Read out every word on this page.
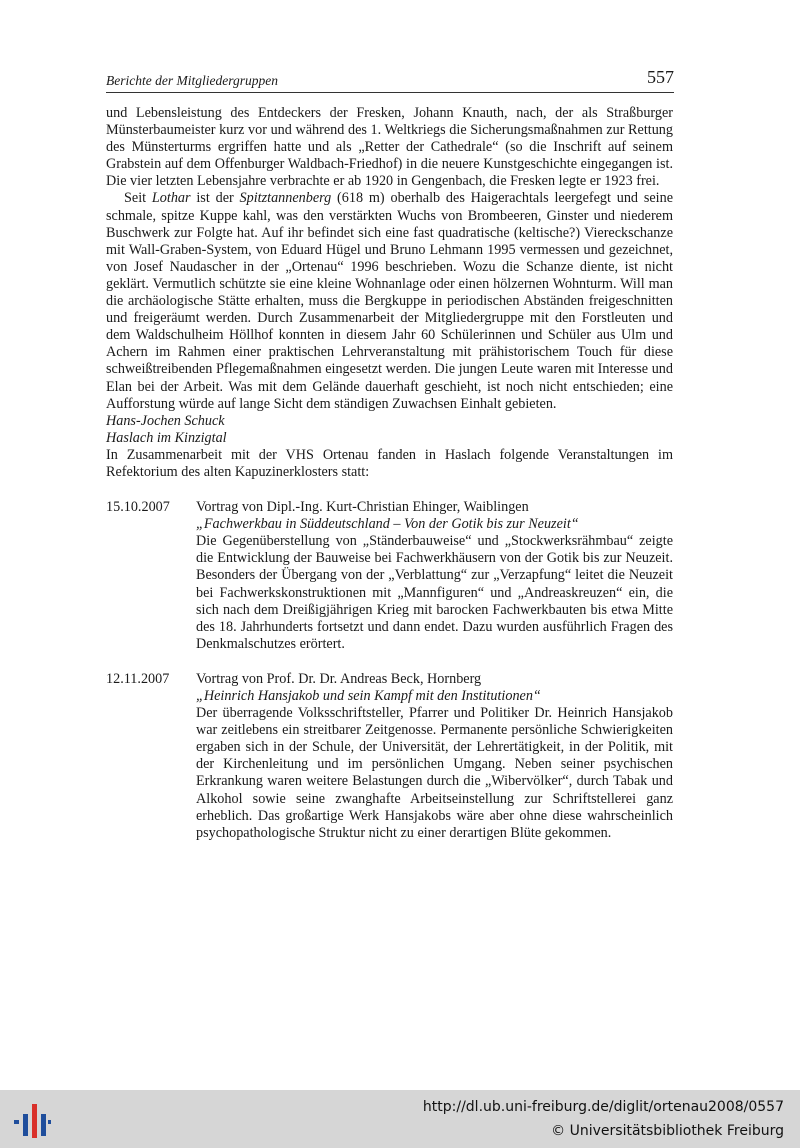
Berichte der Mitgliedergruppen	557

und Lebensleistung des Entdeckers der Fresken, Johann Knauth, nach, der als Straßburger Münsterbaumeister kurz vor und während des 1. Weltkriegs die Sicherungsmaßnahmen zur Rettung des Münsterturms ergriffen hatte und als „Retter der Cathedrale“ (so die Inschrift auf seinem Grabstein auf dem Offenburger Waldbach-Friedhof) in die neuere Kunstgeschichte eingegangen ist. Die vier letzten Lebensjahre verbrachte er ab 1920 in Gengenbach, die Fresken legte er 1923 frei.

Seit Lothar ist der Spitztannenberg (618 m) oberhalb des Haigerachtals leergefegt und seine schmale, spitze Kuppe kahl, was den verstärkten Wuchs von Brombeeren, Ginster und niederem Buschwerk zur Folgte hat. Auf ihr befindet sich eine fast quadratische (keltische?) Viereckschanze mit Wall-Graben-System, von Eduard Hügel und Bruno Lehmann 1995 vermessen und gezeichnet, von Josef Naudascher in der „Ortenau“ 1996 beschrieben. Wozu die Schanze diente, ist nicht geklärt. Vermutlich schützte sie eine kleine Wohnanlage oder einen hölzernen Wohnturm. Will man die archäologische Stätte erhalten, muss die Bergkuppe in periodischen Abständen freigeschnitten und freigeräumt werden. Durch Zusammenarbeit der Mitgliedergruppe mit den Forstleuten und dem Waldschulheim Höllhof konnten in diesem Jahr 60 Schülerinnen und Schüler aus Ulm und Achern im Rahmen einer praktischen Lehrveranstaltung mit prähistorischem Touch für diese schweißtreibenden Pflegemaßnahmen eingesetzt werden. Die jungen Leute waren mit Interesse und Elan bei der Arbeit. Was mit dem Gelände dauerhaft geschieht, ist noch nicht entschieden; eine Aufforstung würde auf lange Sicht dem ständigen Zuwachsen Einhalt gebieten.

Hans-Jochen Schuck

Haslach im Kinzigtal

In Zusammenarbeit mit der VHS Ortenau fanden in Haslach folgende Veranstaltungen im Refektorium des alten Kapuzinerklosters statt:

15.10.2007	Vortrag von Dipl.-Ing. Kurt-Christian Ehinger, Waiblingen

„Fachwerkbau in Süddeutschland – Von der Gotik bis zur Neuzeit“

Die Gegenüberstellung von „Ständerbauweise“ und „Stockwerksrähmbau“ zeigte die Entwicklung der Bauweise bei Fachwerkhäusern von der Gotik bis zur Neuzeit. Besonders der Übergang von der „Verblattung“ zur „Verzapfung“ leitet die Neuzeit bei Fachwerkskonstruktionen mit „Mannfiguren“ und „Andreaskreuzen“ ein, die sich nach dem Dreißigjährigen Krieg mit barocken Fachwerkbauten bis etwa Mitte des 18. Jahrhunderts fortsetzt und dann endet. Dazu wurden ausführlich Fragen des Denkmalschutzes erörtert.

12.11.2007	Vortrag von Prof. Dr. Dr. Andreas Beck, Hornberg

„Heinrich Hansjakob und sein Kampf mit den Institutionen“

Der überragende Volksschriftsteller, Pfarrer und Politiker Dr. Heinrich Hansjakob war zeitlebens ein streitbarer Zeitgenosse. Permanente persönliche Schwierigkeiten ergaben sich in der Schule, der Universität, der Lehrertätigkeit, in der Politik, mit der Kirchenleitung und im persönlichen Umgang. Neben seiner psychischen Erkrankung waren weitere Belastungen durch die „Wibervölker“, durch Tabak und Alkohol sowie seine zwanghafte Arbeitseinstellung zur Schriftstellerei ganz erheblich. Das großartige Werk Hansjakobs wäre aber ohne diese wahrscheinlich psychopathologische Struktur nicht zu einer derartigen Blüte gekommen.

http://dl.ub.uni-freiburg.de/diglit/ortenau2008/0557
© Universitätsbibliothek Freiburg
